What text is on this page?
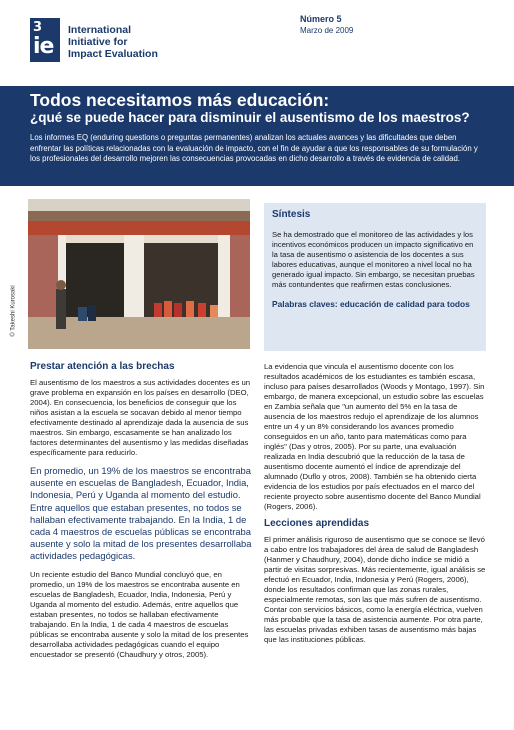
3
ie
International
Initiative for
Impact Evaluation
Número 5
Marzo de 2009
Todos necesitamos más educación:
¿qué se puede hacer para disminuir el ausentismo de los maestros?

Los informes EQ (enduring questions o preguntas permanentes) analizan los actuales avances y las dificultades que deben enfrentar las políticas relacionadas con la evaluación de impacto, con el fin de ayudar a que los responsables de su formulación y los profesionales del desarrollo mejoren las consecuencias provocadas en dicho desarrollo a través de evidencia de calidad.

© Takeshi Kurosaki
Síntesis

Se ha demostrado que el monitoreo de las actividades y los incentivos económicos producen un impacto significativo en la tasa de ausentismo o asistencia de los docentes a sus labores educativas, aunque el monitoreo a nivel local no ha generado igual impacto. Sin embargo, se necesitan pruebas más contundentes que reafirmen estas conclusiones.

Palabras claves: educación de calidad para todos

Prestar atención a las brechas

El ausentismo de los maestros a sus actividades docentes es un grave problema en expansión en los países en desarrollo (DEO, 2004). En consecuencia, los beneficios de conseguir que los niños asistan a la escuela se socavan debido al menor tiempo efectivamente destinado al aprendizaje dada la ausencia de sus maestros. Sin embargo, escasamente se han analizado los factores determinantes del ausentismo y las medidas diseñadas específicamente para reducirlo.

En promedio, un 19% de los maestros se encontraba ausente en escuelas de Bangladesh, Ecuador, India, Indonesia, Perú y Uganda al momento del estudio. Entre aquellos que estaban presentes, no todos se hallaban efectivamente trabajando. En la India, 1 de cada 4 maestros de escuelas públicas se encontraba ausente y solo la mitad de los presentes desarrollaba actividades pedagógicas.

Un reciente estudio del Banco Mundial concluyó que, en promedio, un 19% de los maestros se encontraba ausente en escuelas de Bangladesh, Ecuador, India, Indonesia, Perú y Uganda al momento del estudio. Además, entre aquellos que estaban presentes, no todos se hallaban efectivamente trabajando. En la India, 1 de cada 4 maestros de escuelas públicas se encontraba ausente y solo la mitad de los presentes desarrollaba actividades pedagógicas cuando el equipo encuestador se presentó (Chaudhury y otros, 2005).

La evidencia que vincula el ausentismo docente con los resultados académicos de los estudiantes es también escasa, incluso para países desarrollados (Woods y Montago, 1997). Sin embargo, de manera excepcional, un estudio sobre las escuelas en Zambia señala que "un aumento del 5% en la tasa de ausencia de los maestros redujo el aprendizaje de los alumnos entre un 4 y un 8% considerando los avances promedio conseguidos en un año, tanto para matemáticas como para inglés" (Das y otros, 2005). Por su parte, una evaluación realizada en India descubrió que la reducción de la tasa de ausentismo docente aumentó el índice de aprendizaje del alumnado (Duflo y otros, 2008). También se ha obtenido cierta evidencia de los estudios por país efectuados en el marco del reciente proyecto sobre ausentismo docente del Banco Mundial (Rogers, 2006).

Lecciones aprendidas

El primer análisis riguroso de ausentismo que se conoce se llevó a cabo entre los trabajadores del área de salud de Bangladesh (Hanmer y Chaudhury, 2004), donde dicho índice se midió a partir de visitas sorpresivas. Más recientemente, igual análisis se efectuó en Ecuador, India, Indonesia y Perú (Rogers, 2006), donde los resultados confirman que las zonas rurales, especialmente remotas, son las que más sufren de ausentismo. Contar con servicios básicos, como la energía eléctrica, vuelven más probable que la tasa de asistencia aumente. Por otra parte, las escuelas privadas exhiben tasas de ausentismo más bajas que las instituciones públicas.
